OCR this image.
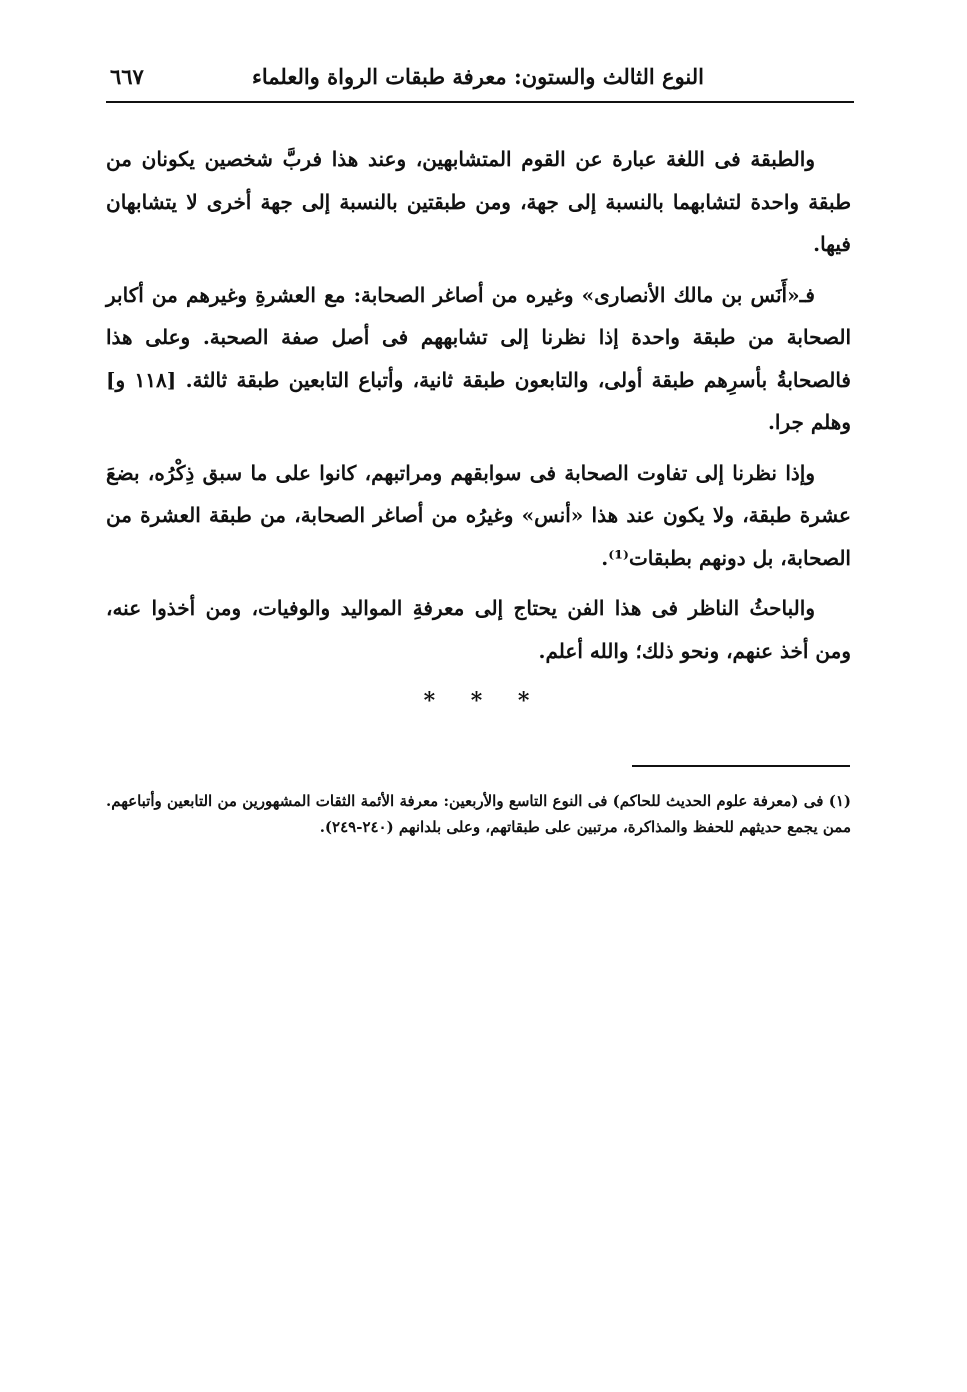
النوع الثالث والستون: معرفة طبقات الرواة والعلماء
٦٦٧

والطبقة فى اللغة عبارة عن القوم المتشابهين، وعند هذا فربَّ شخصين يكونان من طبقة واحدة لتشابهما بالنسبة إلى جهة، ومن طبقتين بالنسبة إلى جهة أخرى لا يتشابهان فيها.

فـ«أَنَس بن مالك الأنصارى» وغيره من أصاغر الصحابة: مع العشرةِ وغيرهم من أكابر الصحابة من طبقة واحدة إذا نظرنا إلى تشابههم فى أصل صفة الصحبة. وعلى هذا فالصحابةُ بأسرِهم طبقة أولى، والتابعون طبقة ثانية، وأتباع التابعين طبقة ثالثة. [١١٨ و] وهلم جرا.

وإذا نظرنا إلى تفاوت الصحابة فى سوابقهم ومراتبهم، كانوا على ما سبق ذِكْرُه، بضعَ عشرة طبقة، ولا يكون عند هذا «أنس» وغيرُه من أصاغر الصحابة، من طبقة العشرة من الصحابة، بل دونهم بطبقات⁽¹⁾.

والباحثُ الناظر فى هذا الفن يحتاج إلى معرفةِ المواليد والوفيات، ومن أخذوا عنه، ومن أخذ عنهم، ونحو ذلك؛ والله أعلم.

* * *

(١) فى (معرفة علوم الحديث للحاكم) فى النوع التاسع والأربعين: معرفة الأئمة الثقات المشهورين من التابعين وأتباعهم. ممن يجمع حديثهم للحفظ والمذاكرة، مرتبين على طبقاتهم، وعلى بلدانهم (٢٤٠-٢٤٩).
